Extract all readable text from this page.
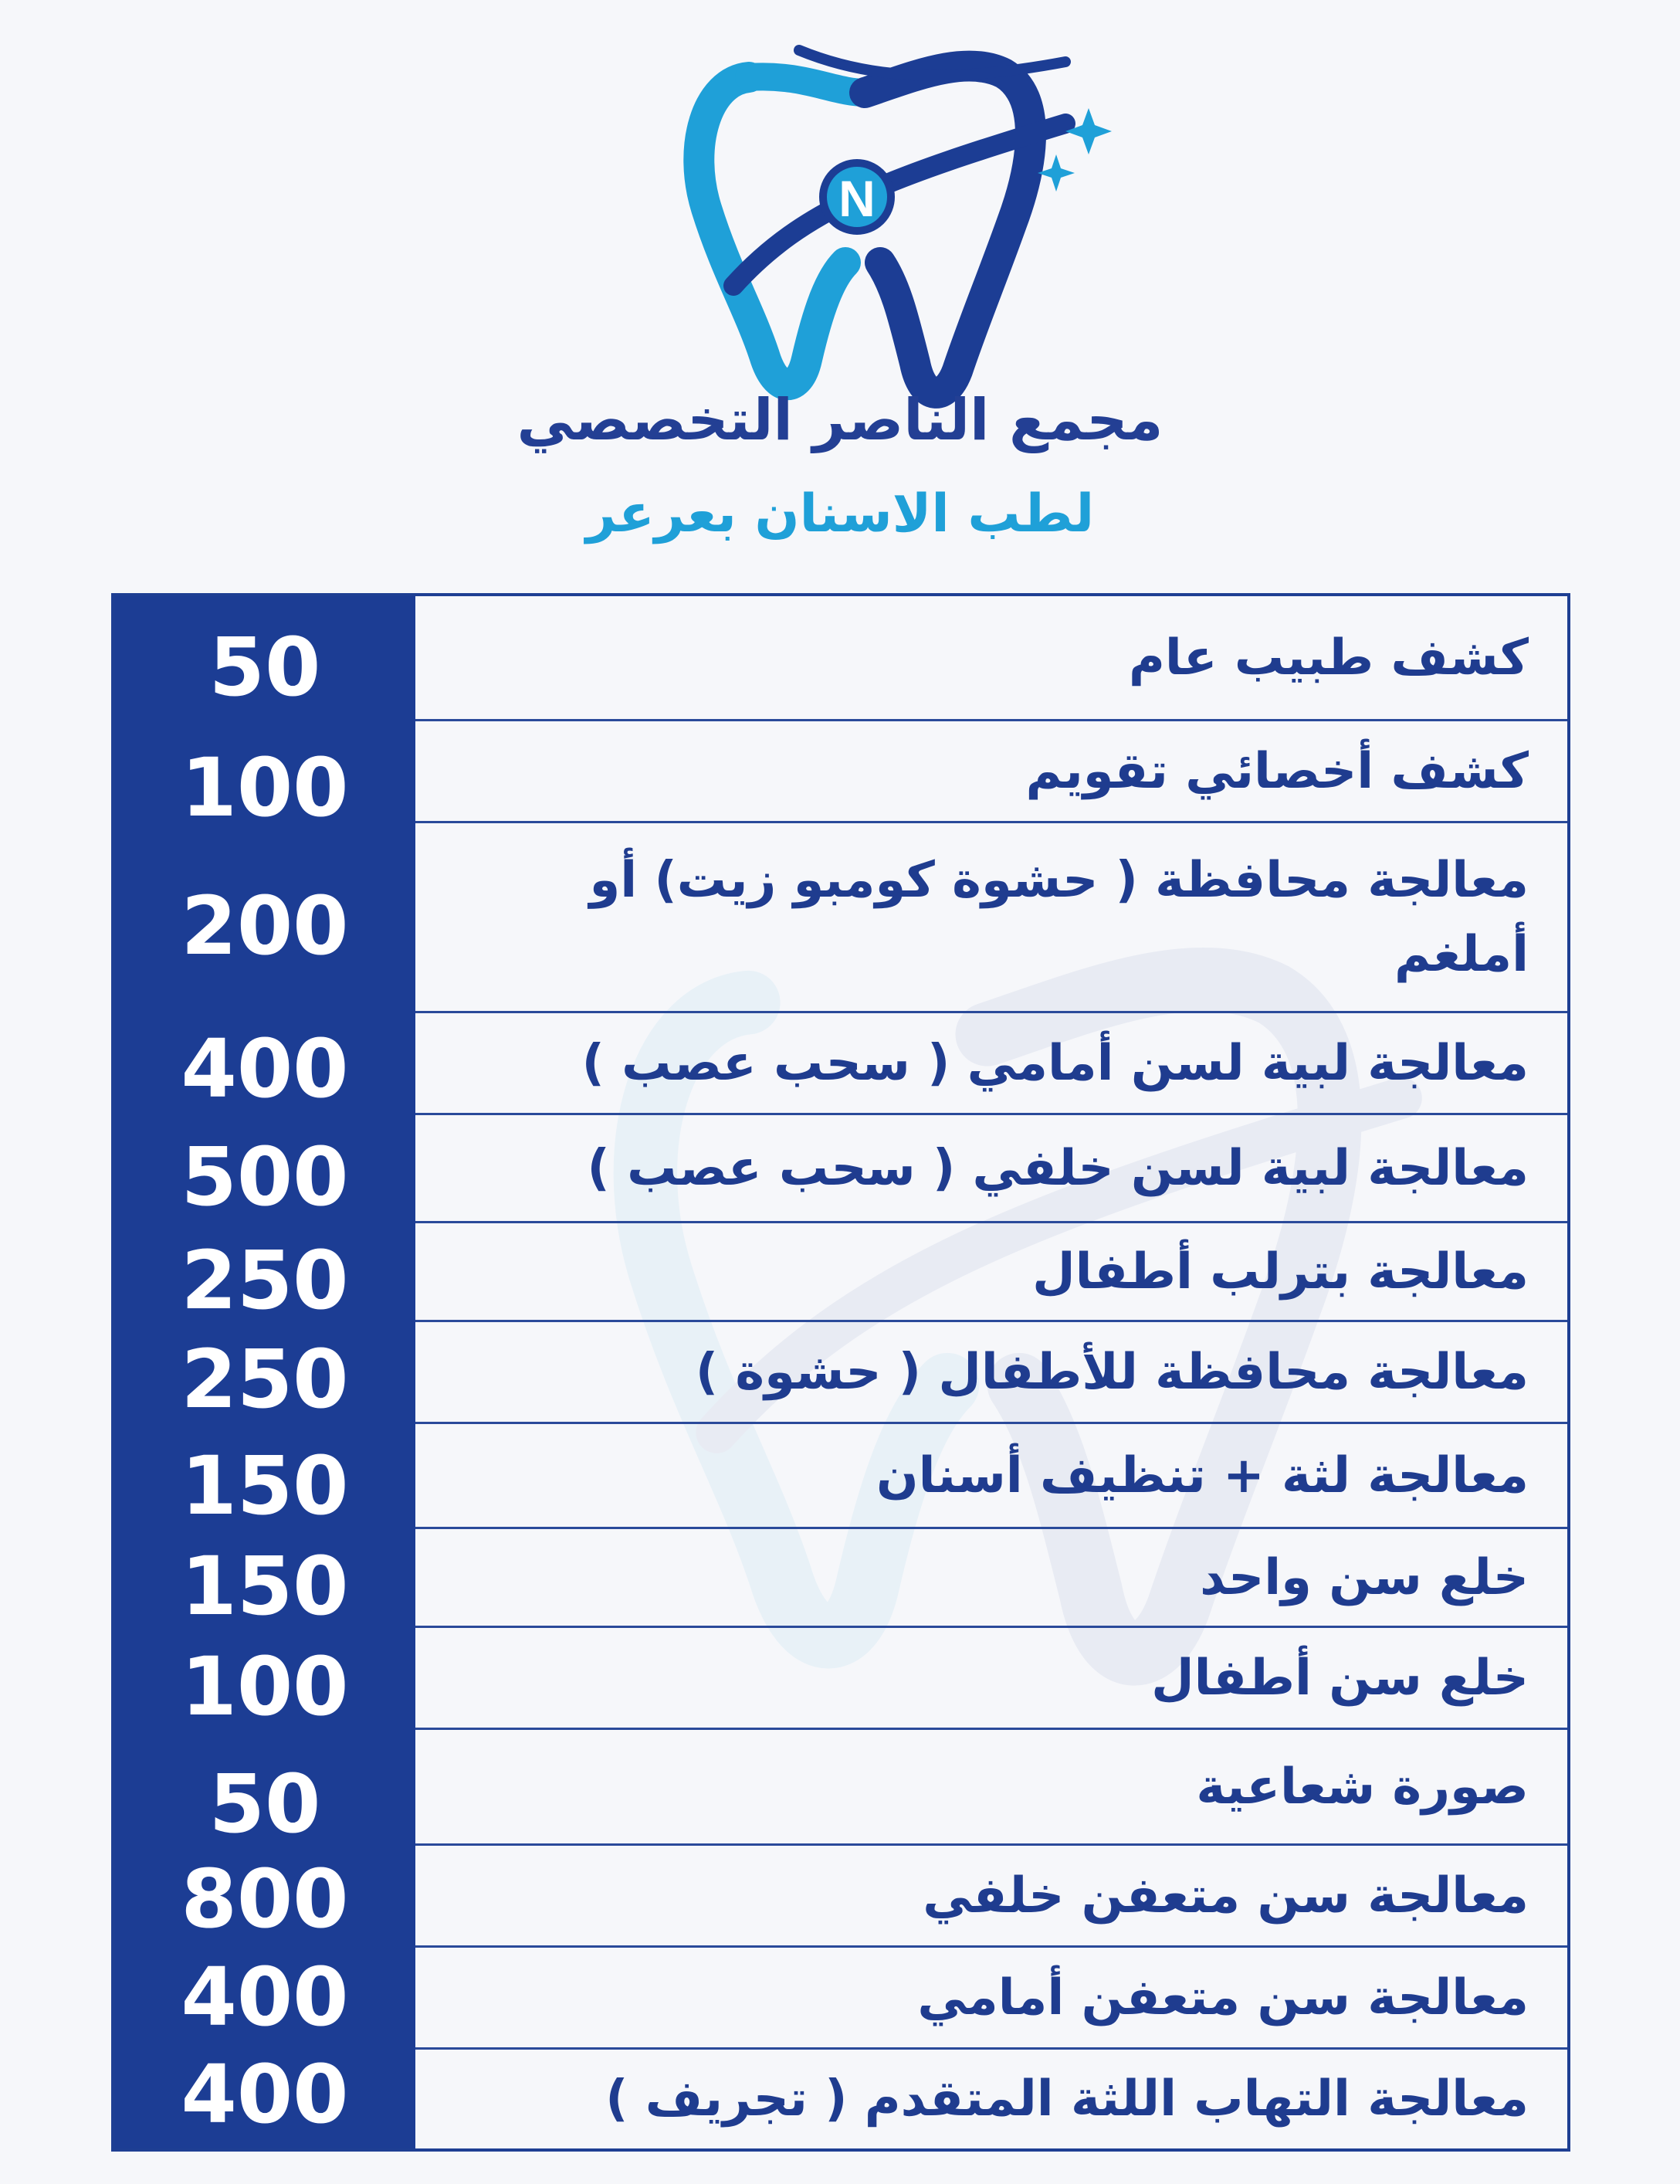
N
مجمع الناصر التخصصي
لطب الاسنان بعرعر
50
100
200
400
500
250
250
150
150
100
50
800
400
400
كشف طبيب عام
كشف أخصائي تقويم
معالجة محافظة ( حشوة كومبو زيت) أو أملغم
معالجة لبية لسن أمامي ( سحب عصب )
معالجة لبية لسن خلفي ( سحب عصب )
معالجة بترلب أطفال
معالجة محافظة للأطفال ( حشوة )
معالجة لثة + تنظيف أسنان
خلع سن واحد
خلع سن أطفال
صورة شعاعية
معالجة سن متعفن خلفي
معالجة سن متعفن أمامي
معالجة التهاب اللثة المتقدم ( تجريف )
